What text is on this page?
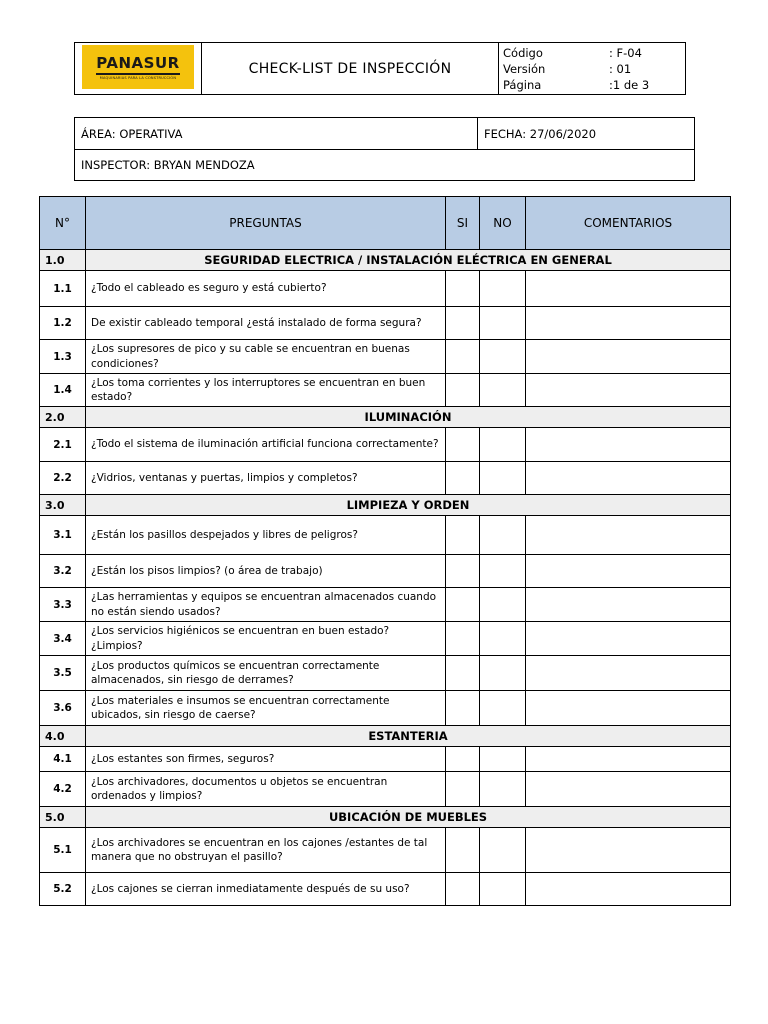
PANASUR
MAQUINARIAS PARA LA CONSTRUCCIÓN
	CHECK-LIST DE INSPECCIÓN	
Código	: F-04
Versión	: 01
Página	:1 de 3
ÁREA: OPERATIVA	FECHA: 27/06/2020
INSPECTOR: BRYAN MENDOZA
N°	PREGUNTAS	SI	NO	COMENTARIOS
1.0	SEGURIDAD ELECTRICA / INSTALACIÓN ELÉCTRICA EN GENERAL			
1.1	¿Todo el cableado es seguro y está cubierto?			
1.2	De existir cableado temporal ¿está instalado de forma segura?			
1.3	¿Los supresores de pico y su cable se encuentran en buenas condiciones?			
1.4	¿Los toma corrientes y los interruptores se encuentran en buen estado?			
2.0	ILUMINACIÓN			
2.1	¿Todo el sistema de iluminación artificial funciona correctamente?			
2.2	¿Vidrios, ventanas y puertas, limpios y completos?			
3.0	LIMPIEZA Y ORDEN			
3.1	¿Están los pasillos despejados y libres de peligros?			
3.2	¿Están los pisos limpios? (o área de trabajo)			
3.3	¿Las herramientas y equipos se encuentran almacenados cuando no están siendo usados?			
3.4	¿Los servicios higiénicos se encuentran en buen estado? ¿Limpios?			
3.5	¿Los productos químicos se encuentran correctamente almacenados, sin riesgo de derrames?			
3.6	¿Los materiales e insumos se encuentran correctamente ubicados, sin riesgo de caerse?			
4.0	ESTANTERIA			
4.1	¿Los estantes son firmes, seguros?			
4.2	¿Los archivadores, documentos u objetos se encuentran ordenados y limpios?			
5.0	UBICACIÓN DE MUEBLES			
5.1	¿Los archivadores se encuentran en los cajones /estantes de tal manera que no obstruyan el pasillo?			
5.2	¿Los cajones se cierran inmediatamente después de su uso?			
